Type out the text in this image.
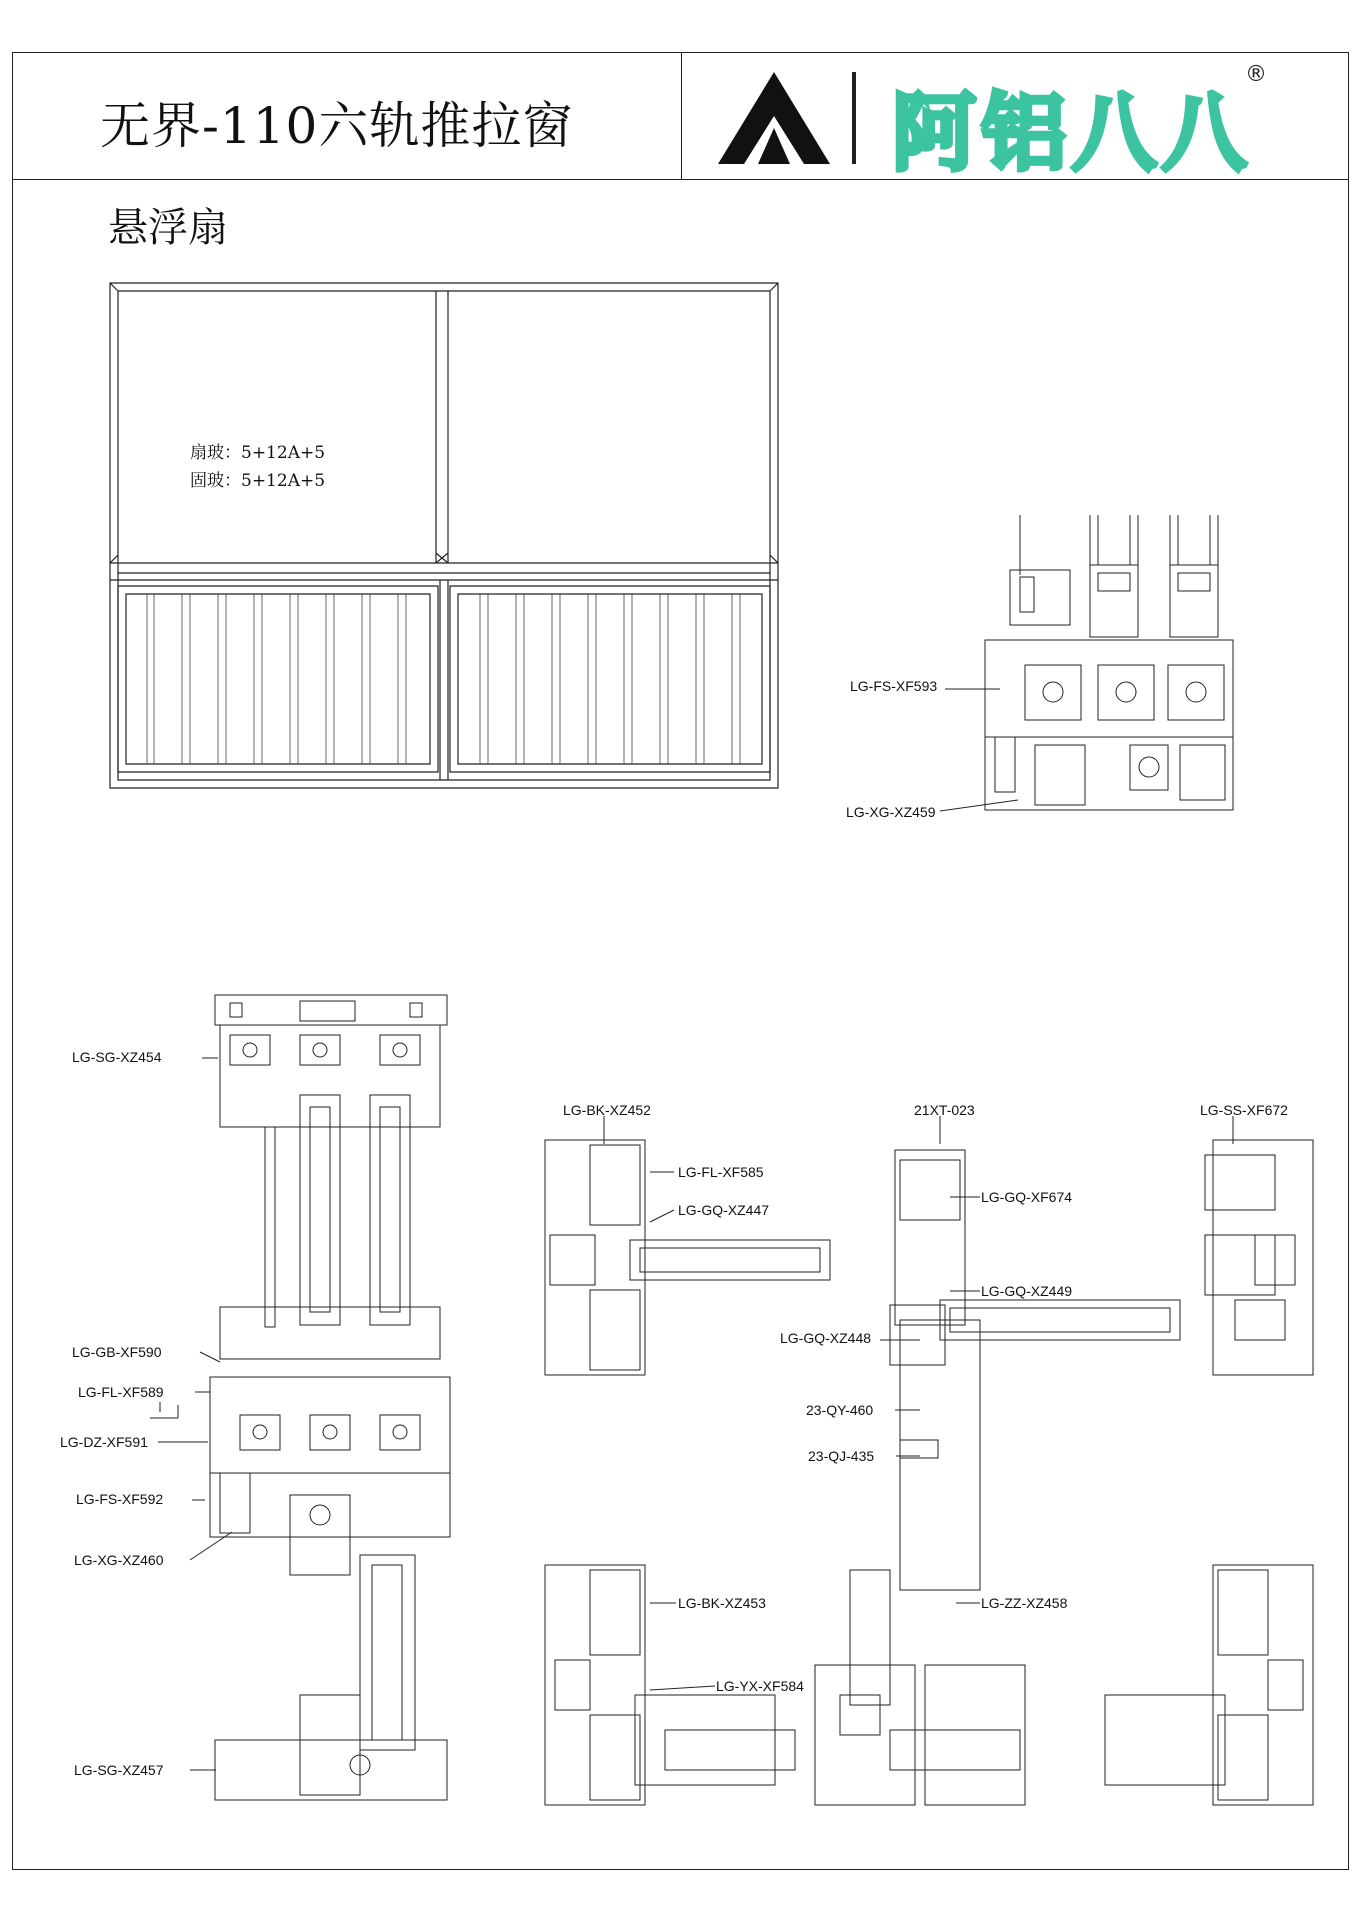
无界-110六轨推拉窗	阿铝八八
®
悬浮扇
扇玻：5+12A+5
固玻：5+12A+5
LG-FS-XF593
LG-XG-XZ459
LG-SG-XZ454
LG-GB-XF590
LG-FL-XF589
LG-DZ-XF591
LG-FS-XF592
LG-XG-XZ460
LG-SG-XZ457
LG-BK-XZ452	21XT-023	LG-SS-XF672
LG-FL-XF585
LG-GQ-XZ447
LG-GQ-XF674
LG-GQ-XZ449
LG-GQ-XZ448
23-QY-460
23-QJ-435
LG-BK-XZ453	LG-ZZ-XZ458
LG-YX-XF584
